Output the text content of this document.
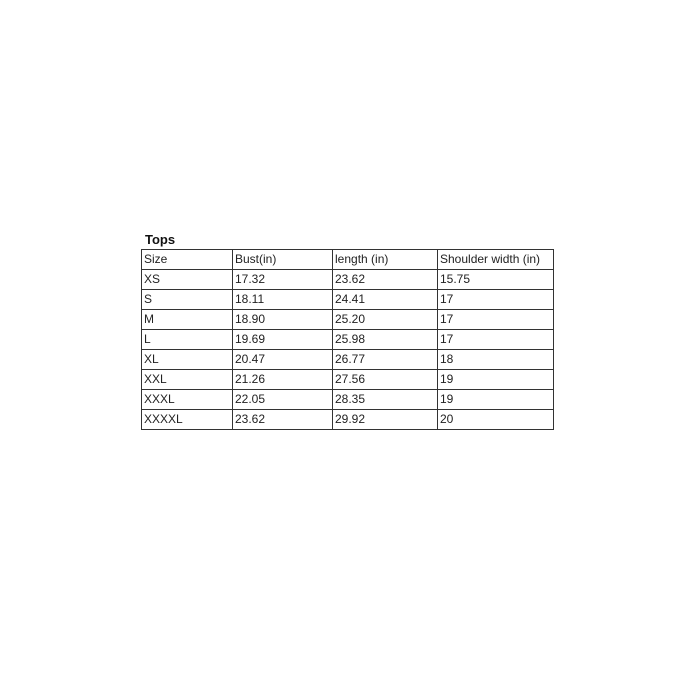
Tops
Size	Bust(in)	length (in)	Shoulder width (in)
XS	17.32	23.62	15.75
S	18.11	24.41	17
M	18.90	25.20	17
L	19.69	25.98	17
XL	20.47	26.77	18
XXL	21.26	27.56	19
XXXL	22.05	28.35	19
XXXXL	23.62	29.92	20
